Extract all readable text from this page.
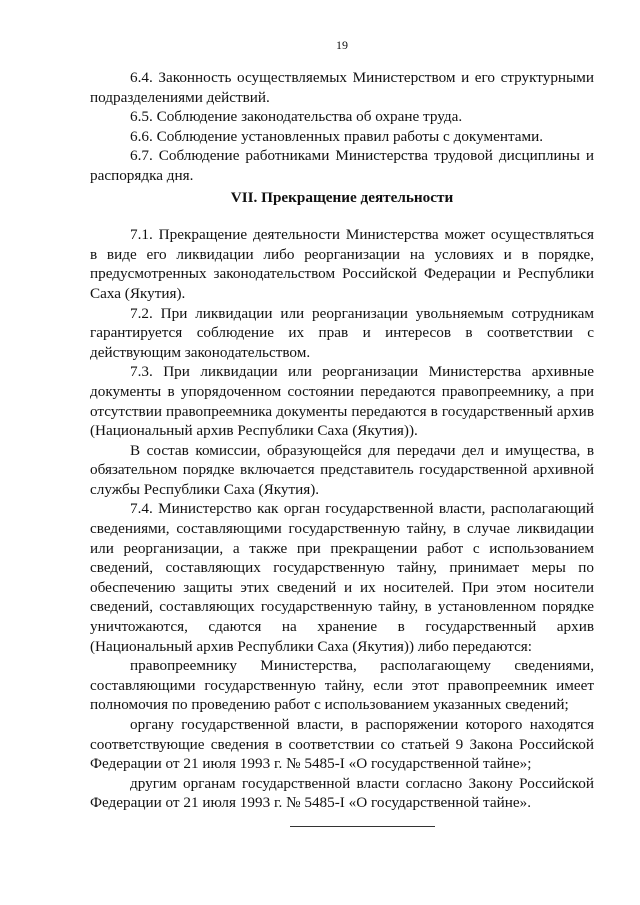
19

6.4. Законность осуществляемых Министерством и его структурными подразделениями действий.

6.5. Соблюдение законодательства об охране труда.

6.6. Соблюдение установленных правил работы с документами.

6.7. Соблюдение работниками Министерства трудовой дисциплины и распорядка дня.

VII. Прекращение деятельности

7.1. Прекращение деятельности Министерства может осуществляться в виде его ликвидации либо реорганизации на условиях и в порядке, предусмотренных законодательством Российской Федерации и Республики Саха (Якутия).

7.2. При ликвидации или реорганизации увольняемым сотрудникам гарантируется соблюдение их прав и интересов в соответствии с действующим законодательством.

7.3. При ликвидации или реорганизации Министерства архивные документы в упорядоченном состоянии передаются правопреемнику, а при отсутствии правопреемника документы передаются в государственный архив (Национальный архив Республики Саха (Якутия)).

В состав комиссии, образующейся для передачи дел и имущества, в обязательном порядке включается представитель государственной архивной службы Республики Саха (Якутия).

7.4. Министерство как орган государственной власти, располагающий сведениями, составляющими государственную тайну, в случае ликвидации или реорганизации, а также при прекращении работ с использованием сведений, составляющих государственную тайну, принимает меры по обеспечению защиты этих сведений и их носителей. При этом носители сведений, составляющих государственную тайну, в установленном порядке уничтожаются, сдаются на хранение в государственный архив (Национальный архив Республики Саха (Якутия)) либо передаются:

правопреемнику Министерства, располагающему сведениями, составляющими государственную тайну, если этот правопреемник имеет полномочия по проведению работ с использованием указанных сведений;

органу государственной власти, в распоряжении которого находятся соответствующие сведения в соответствии со статьей 9 Закона Российской Федерации от 21 июля 1993 г. № 5485-I «О государственной тайне»;

другим органам государственной власти согласно Закону Российской Федерации от 21 июля 1993 г. № 5485-I «О государственной тайне».
